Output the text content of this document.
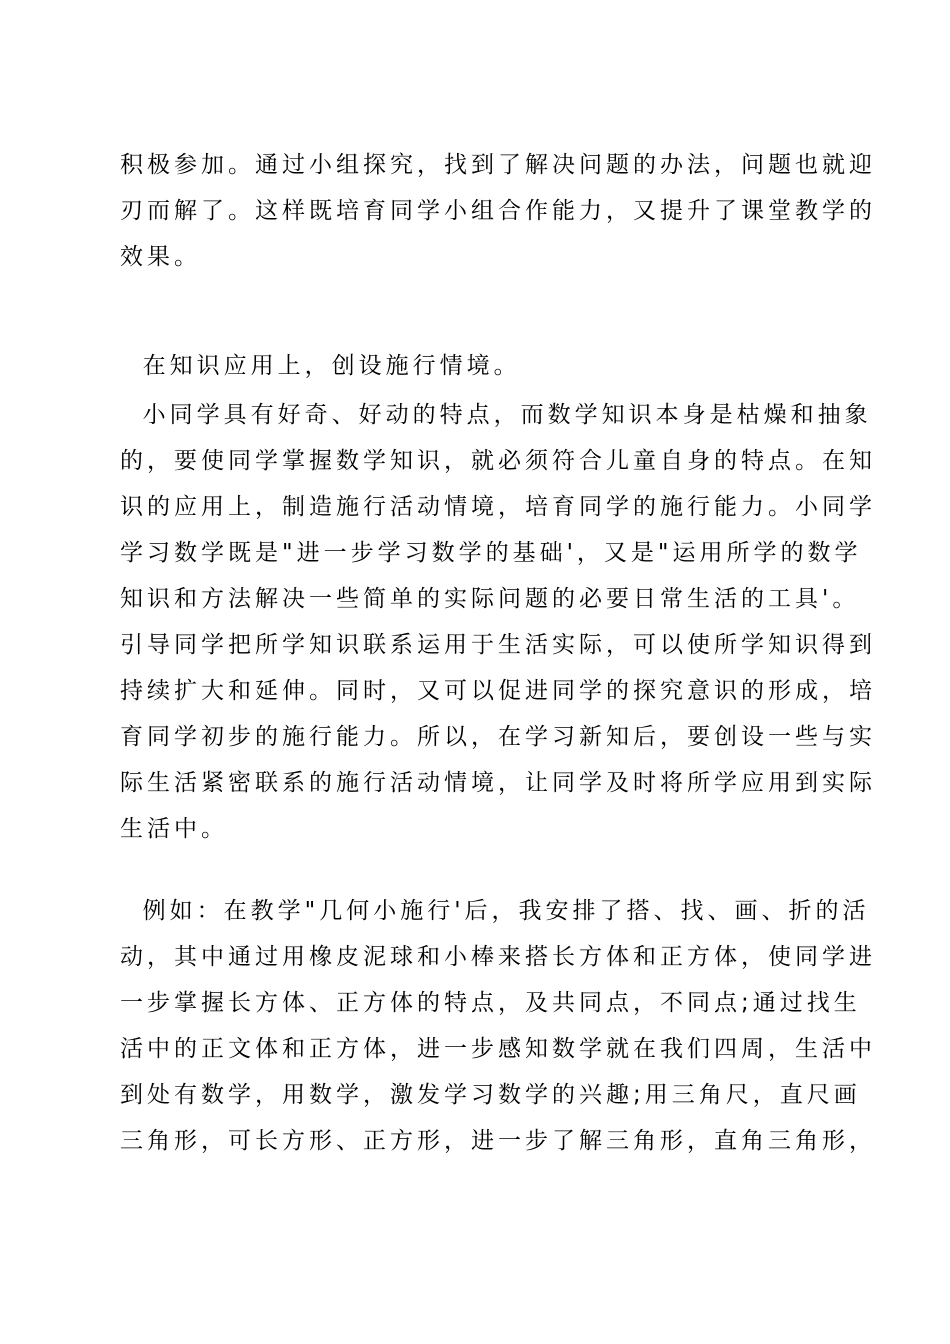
积极参加。通过小组探究，找到了解决问题的办法，问题也就迎
刃而解了。这样既培育同学小组合作能力，又提升了课堂教学的
效果。
在知识应用上，创设施行情境。
小同学具有好奇、好动的特点，而数学知识本身是枯燥和抽象
的，要使同学掌握数学知识，就必须符合儿童自身的特点。在知
识的应用上，制造施行活动情境，培育同学的施行能力。小同学
学习数学既是"进一步学习数学的基础'，又是"运用所学的数学
知识和方法解决一些简单的实际问题的必要日常生活的工具'。
引导同学把所学知识联系运用于生活实际，可以使所学知识得到
持续扩大和延伸。同时，又可以促进同学的探究意识的形成，培
育同学初步的施行能力。所以，在学习新知后，要创设一些与实
际生活紧密联系的施行活动情境，让同学及时将所学应用到实际
生活中。
例如：在教学"几何小施行'后，我安排了搭、找、画、折的活
动，其中通过用橡皮泥球和小棒来搭长方体和正方体，使同学进
一步掌握长方体、正方体的特点，及共同点，不同点;通过找生
活中的正文体和正方体，进一步感知数学就在我们四周，生活中
到处有数学，用数学，激发学习数学的兴趣;用三角尺，直尺画
三角形，可长方形、正方形，进一步了解三角形，直角三角形，
